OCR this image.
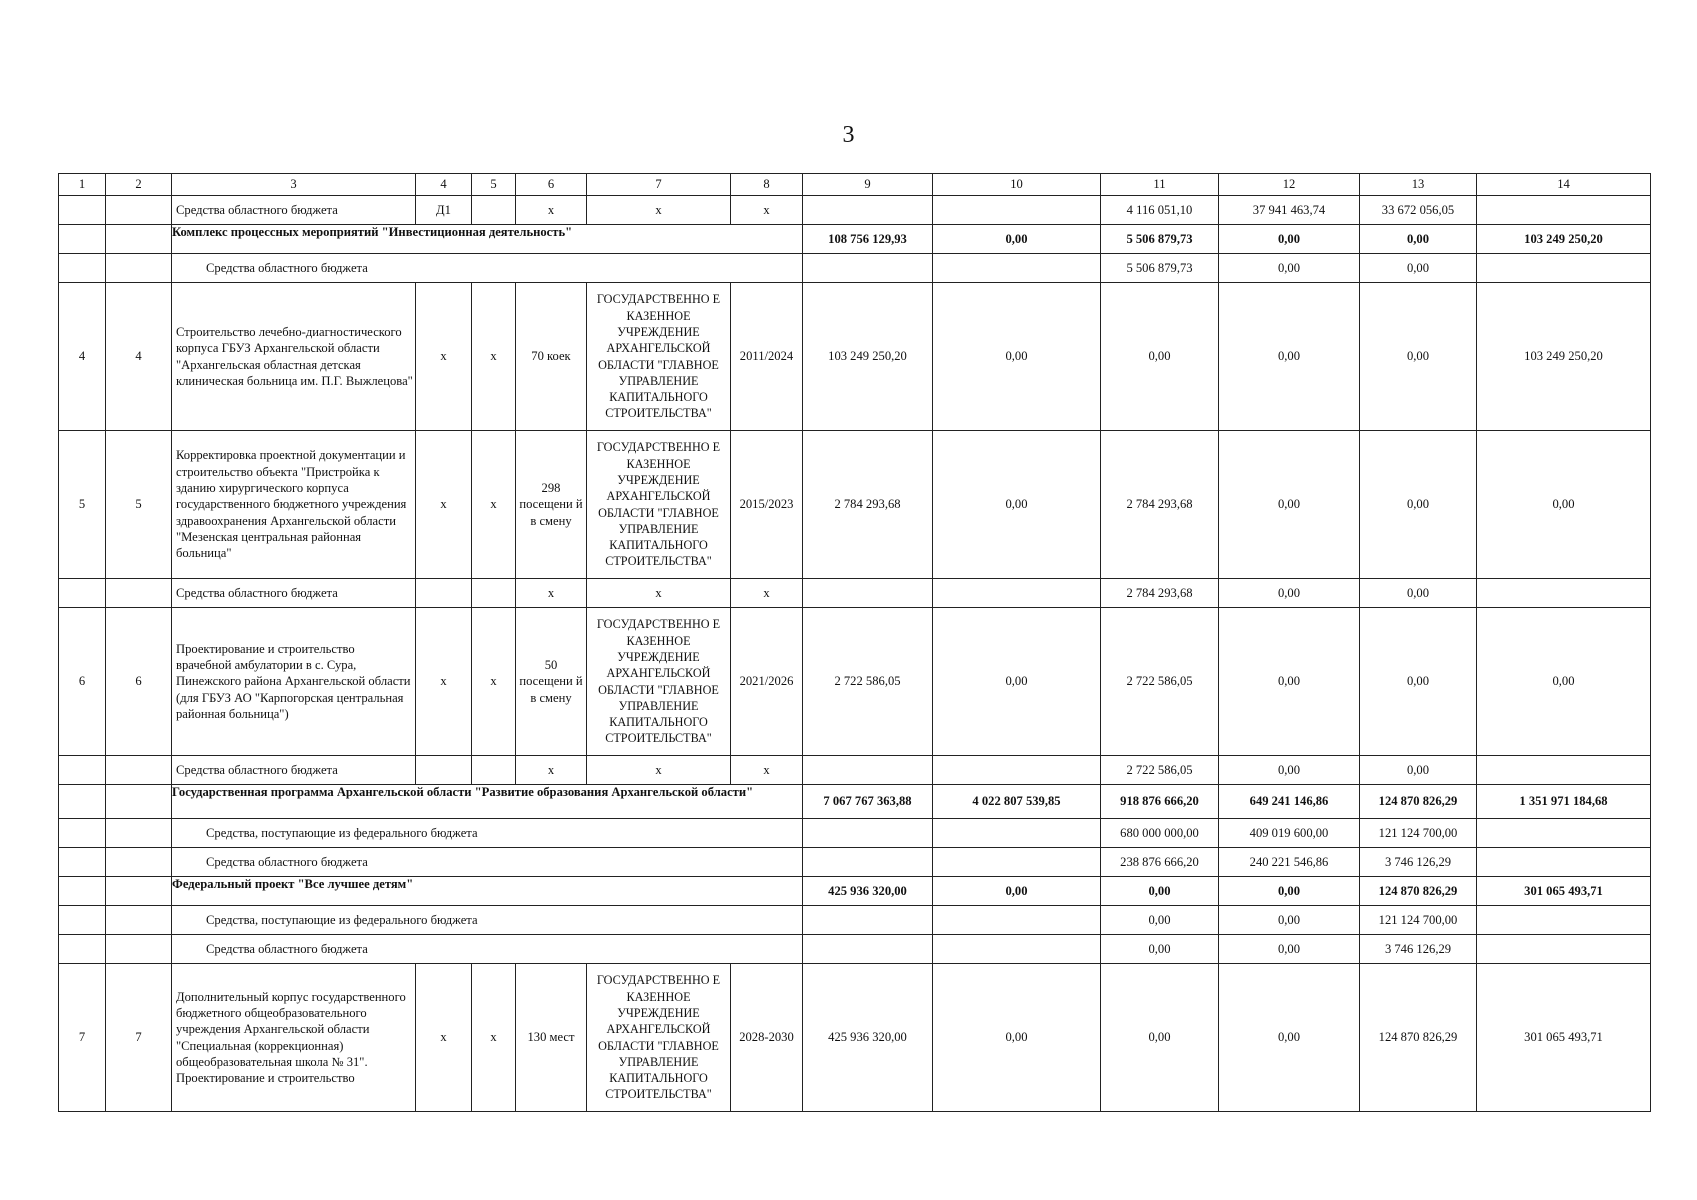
3
1	2	3	4	5	6	7	8	9	10	11	12	13	14
		Средства областного бюджета	Д1		х	х	х			4 116 051,10	37 941 463,74	33 672 056,05	
		Комплекс процессных мероприятий "Инвестиционная деятельность"						108 756 129,93	0,00	5 506 879,73	0,00	0,00	103 249 250,20
		Средства областного бюджета								5 506 879,73	0,00	0,00	
4	4	Строительство лечебно-диагностического корпуса ГБУЗ Архангельской области "Архангельская областная детская клиническая больница им. П.Г. Выжлецова"	х	х	70 коек	ГОСУДАРСТВЕННО Е КАЗЕННОЕ УЧРЕЖДЕНИЕ АРХАНГЕЛЬСКОЙ ОБЛАСТИ "ГЛАВНОЕ УПРАВЛЕНИЕ КАПИТАЛЬНОГО СТРОИТЕЛЬСТВА"	2011/2024	103 249 250,20	0,00	0,00	0,00	0,00	103 249 250,20
5	5	Корректировка проектной документации и строительство объекта "Пристройка к зданию хирургического корпуса государственного бюджетного учреждения здравоохранения Архангельской области "Мезенская центральная районная больница"	х	х	298 посещени й в смену	ГОСУДАРСТВЕННО Е КАЗЕННОЕ УЧРЕЖДЕНИЕ АРХАНГЕЛЬСКОЙ ОБЛАСТИ "ГЛАВНОЕ УПРАВЛЕНИЕ КАПИТАЛЬНОГО СТРОИТЕЛЬСТВА"	2015/2023	2 784 293,68	0,00	2 784 293,68	0,00	0,00	0,00
		Средства областного бюджета			х	х	х			2 784 293,68	0,00	0,00	
6	6	Проектирование и строительство врачебной амбулатории в с. Сура, Пинежского района Архангельской области (для ГБУЗ АО "Карпогорская центральная районная больница")	х	х	50 посещени й в смену	ГОСУДАРСТВЕННО Е КАЗЕННОЕ УЧРЕЖДЕНИЕ АРХАНГЕЛЬСКОЙ ОБЛАСТИ "ГЛАВНОЕ УПРАВЛЕНИЕ КАПИТАЛЬНОГО СТРОИТЕЛЬСТВА"	2021/2026	2 722 586,05	0,00	2 722 586,05	0,00	0,00	0,00
		Средства областного бюджета			х	х	х			2 722 586,05	0,00	0,00	
		Государственная программа Архангельской области "Развитие образования Архангельской области"						7 067 767 363,88	4 022 807 539,85	918 876 666,20	649 241 146,86	124 870 826,29	1 351 971 184,68
		Средства, поступающие из федерального бюджета								680 000 000,00	409 019 600,00	121 124 700,00	
		Средства областного бюджета								238 876 666,20	240 221 546,86	3 746 126,29	
		Федеральный проект "Все лучшее детям"						425 936 320,00	0,00	0,00	0,00	124 870 826,29	301 065 493,71
		Средства, поступающие из федерального бюджета								0,00	0,00	121 124 700,00	
		Средства областного бюджета								0,00	0,00	3 746 126,29	
7	7	Дополнительный корпус государственного бюджетного общеобразовательного учреждения Архангельской области "Специальная (коррекционная) общеобразовательная школа № 31". Проектирование и строительство	х	х	130 мест	ГОСУДАРСТВЕННО Е КАЗЕННОЕ УЧРЕЖДЕНИЕ АРХАНГЕЛЬСКОЙ ОБЛАСТИ "ГЛАВНОЕ УПРАВЛЕНИЕ КАПИТАЛЬНОГО СТРОИТЕЛЬСТВА"	2028-2030	425 936 320,00	0,00	0,00	0,00	124 870 826,29	301 065 493,71
